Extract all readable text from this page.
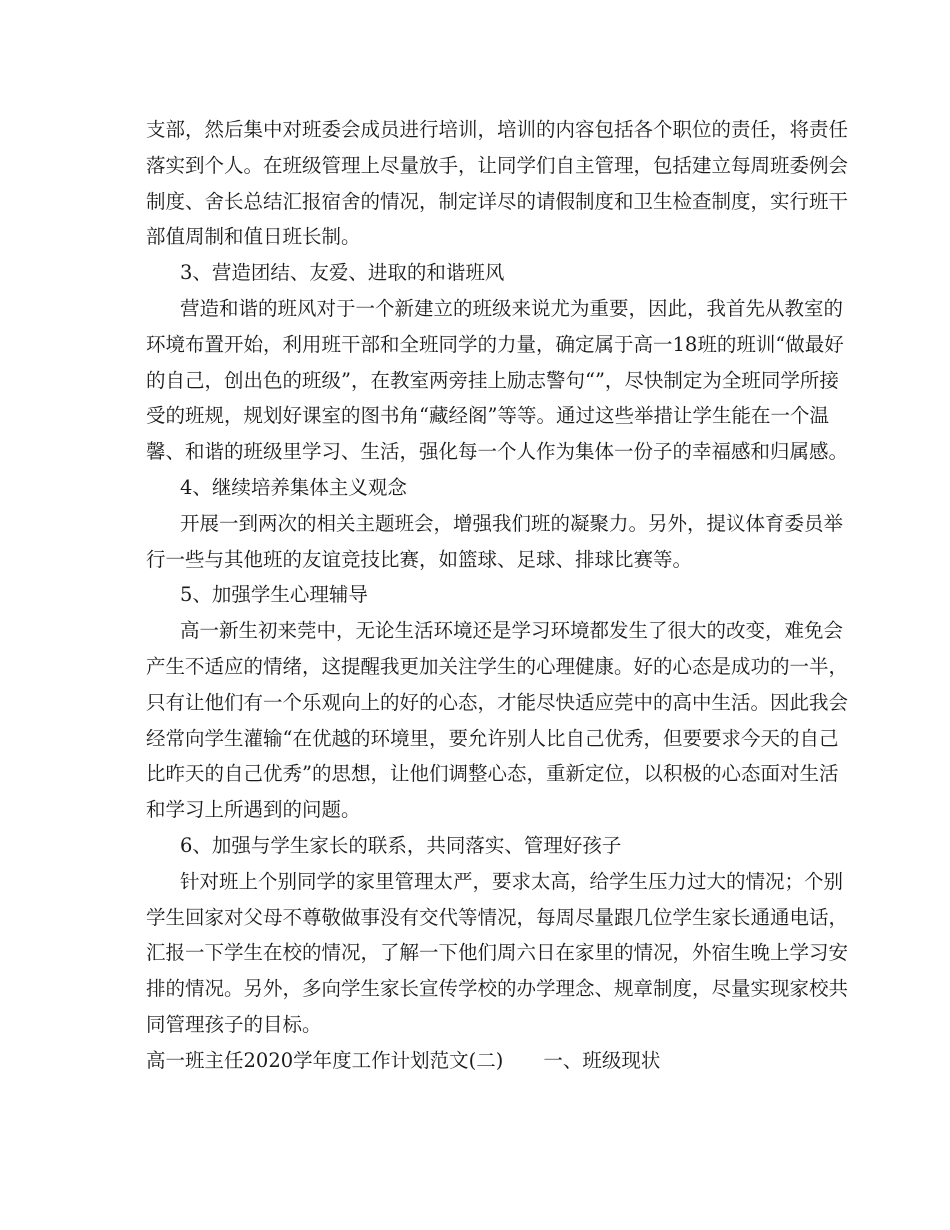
支部，然后集中对班委会成员进行培训，培训的内容包括各个职位的责任，将责任
落实到个人。在班级管理上尽量放手，让同学们自主管理，包括建立每周班委例会
制度、舍长总结汇报宿舍的情况，制定详尽的请假制度和卫生检查制度，实行班干
部值周制和值日班长制。
3、营造团结、友爱、进取的和谐班风
营造和谐的班风对于一个新建立的班级来说尤为重要，因此，我首先从教室的
环境布置开始，利用班干部和全班同学的力量，确定属于高一18班的班训“做最好
的自己，创出色的班级”，在教室两旁挂上励志警句“”，尽快制定为全班同学所接
受的班规，规划好课室的图书角“藏经阁”等等。通过这些举措让学生能在一个温
馨、和谐的班级里学习、生活，强化每一个人作为集体一份子的幸福感和归属感。
4、继续培养集体主义观念
开展一到两次的相关主题班会，增强我们班的凝聚力。另外，提议体育委员举
行一些与其他班的友谊竞技比赛，如篮球、足球、排球比赛等。
5、加强学生心理辅导
高一新生初来莞中，无论生活环境还是学习环境都发生了很大的改变，难免会
产生不适应的情绪，这提醒我更加关注学生的心理健康。好的心态是成功的一半，
只有让他们有一个乐观向上的好的心态，才能尽快适应莞中的高中生活。因此我会
经常向学生灌输“在优越的环境里，要允许别人比自己优秀，但要要求今天的自己
比昨天的自己优秀”的思想，让他们调整心态，重新定位，以积极的心态面对生活
和学习上所遇到的问题。
6、加强与学生家长的联系，共同落实、管理好孩子
针对班上个别同学的家里管理太严，要求太高，给学生压力过大的情况；个别
学生回家对父母不尊敬做事没有交代等情况，每周尽量跟几位学生家长通通电话，
汇报一下学生在校的情况，了解一下他们周六日在家里的情况，外宿生晚上学习安
排的情况。另外，多向学生家长宣传学校的办学理念、规章制度，尽量实现家校共
同管理孩子的目标。
高一班主任2020学年度工作计划范文(二) 一、班级现状
